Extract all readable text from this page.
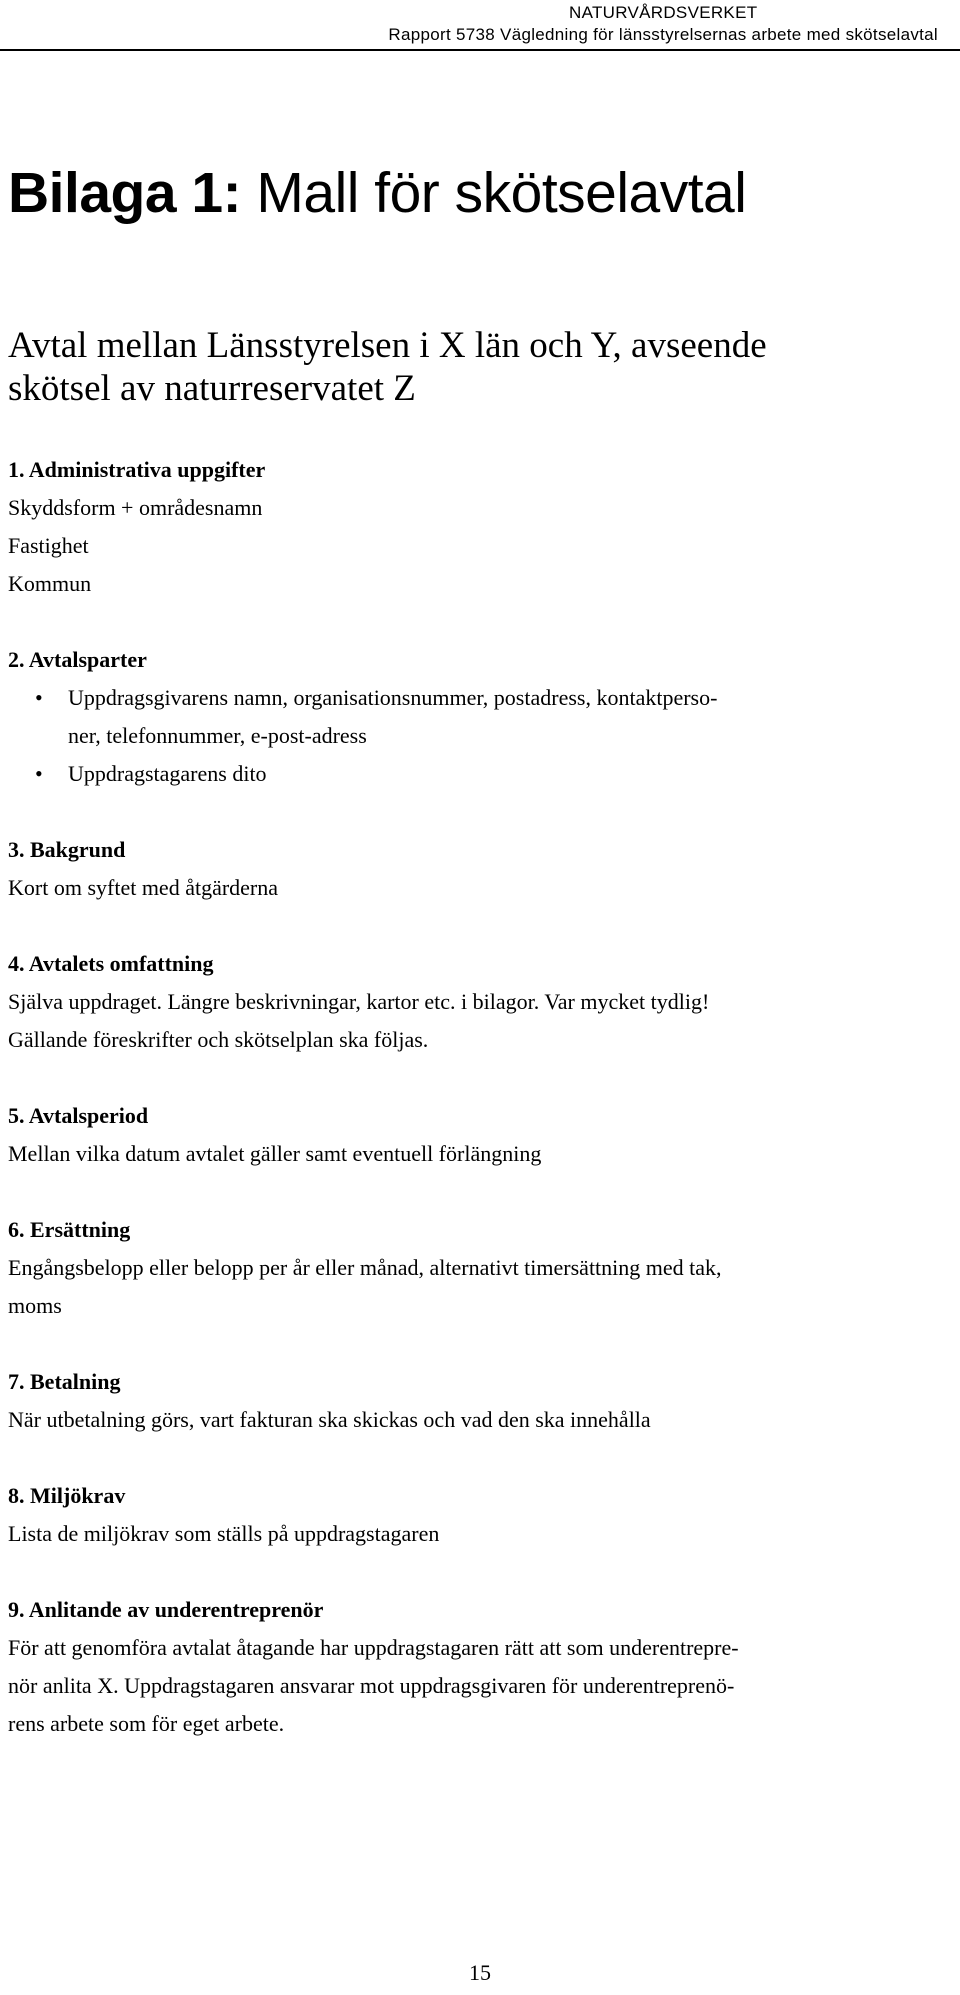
NATURVÅRDSVERKET
Rapport 5738 Vägledning för länsstyrelsernas arbete med skötselavtal
Bilaga 1: Mall för skötselavtal
Avtal mellan Länsstyrelsen i X län och Y, avseende
skötsel av naturreservatet Z
1. Administrativa uppgifter

Skyddsform + områdesnamn
Fastighet
Kommun

2. Avtalsparter
• Uppdragsgivarens namn, organisationsnummer, postadress, kontaktperso-
ner, telefonnummer, e-post-adress
• Uppdragstagarens dito
3. Bakgrund

Kort om syftet med åtgärderna

4. Avtalets omfattning

Själva uppdraget. Längre beskrivningar, kartor etc. i bilagor. Var mycket tydlig!
Gällande föreskrifter och skötselplan ska följas.

5. Avtalsperiod

Mellan vilka datum avtalet gäller samt eventuell förlängning

6. Ersättning

Engångsbelopp eller belopp per år eller månad, alternativt timersättning med tak,
moms

7. Betalning

När utbetalning görs, vart fakturan ska skickas och vad den ska innehålla

8. Miljökrav

Lista de miljökrav som ställs på uppdragstagaren

9. Anlitande av underentreprenör

För att genomföra avtalat åtagande har uppdragstagaren rätt att som underentrepre-
nör anlita X. Uppdragstagaren ansvarar mot uppdragsgivaren för underentreprenö-
rens arbete som för eget arbete.

15
